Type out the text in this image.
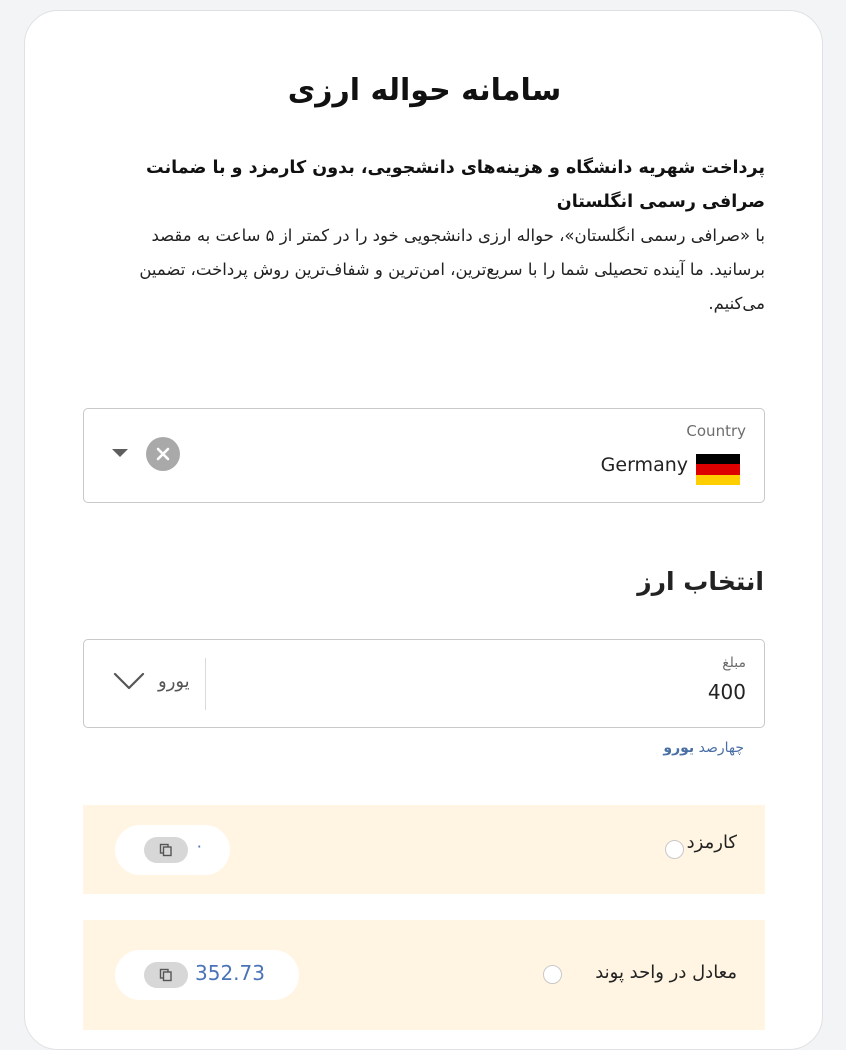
سامانه حواله ارزی
پرداخت شهریه دانشگاه و هزینه‌های دانشجویی، بدون کارمزد و با ضمانت صرافی رسمی انگلستان
با «صرافی رسمی انگلستان»، حواله ارزی دانشجویی خود را در کمتر از ۵ ساعت به مقصد برسانید. ما آینده تحصیلی شما را با سریع‌ترین، امن‌ترین و شفاف‌ترین روش پرداخت، تضمین می‌کنیم.
Country
Germany
انتخاب ارز
مبلغ
400
یورو
چهارصد یورو
کارمزد
۰
معادل در واحد پوند
352.73
